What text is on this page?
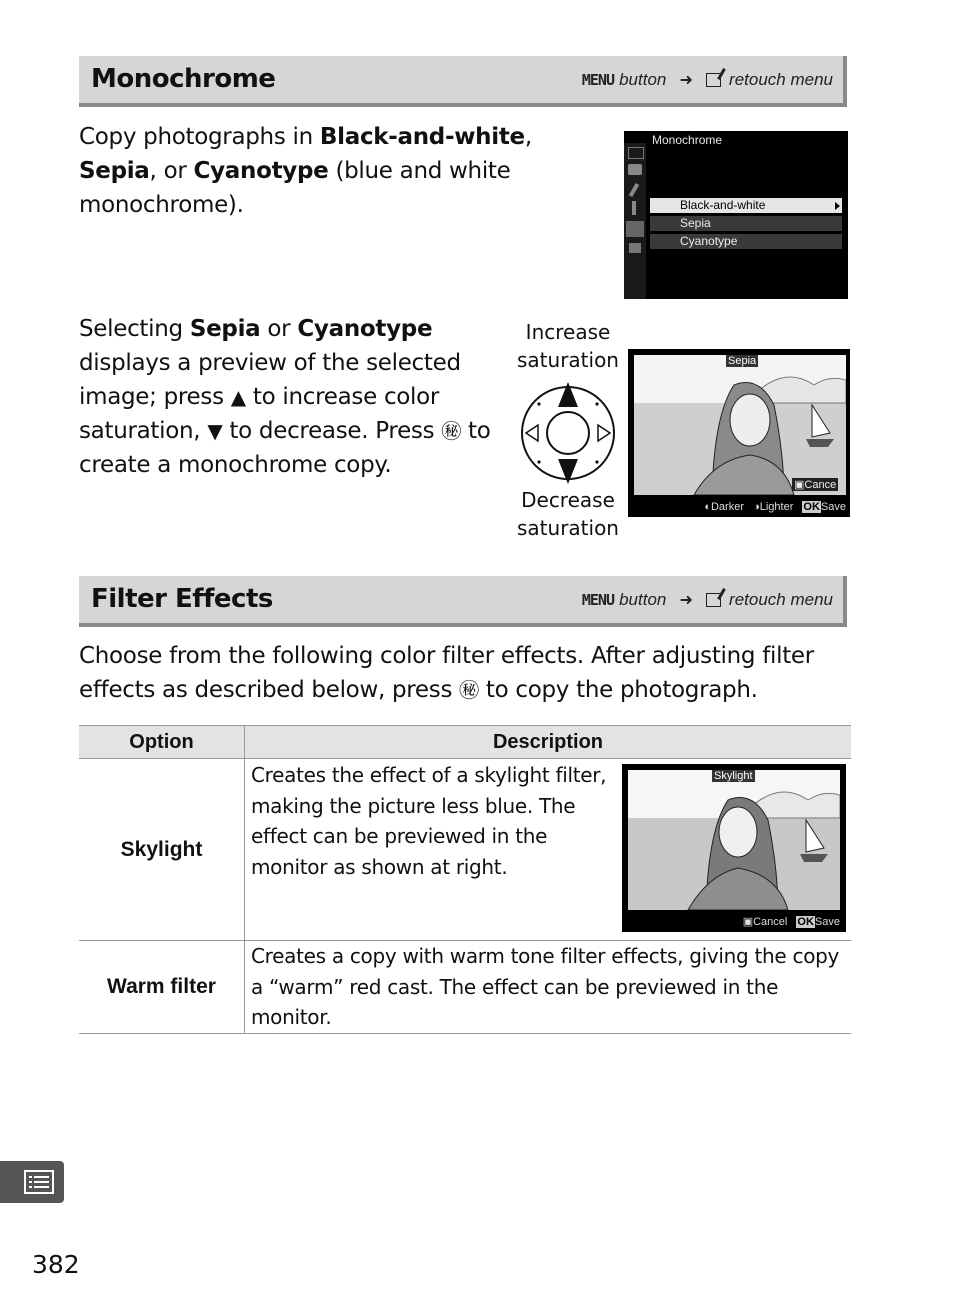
Monochrome	MENU button ➜ retouch menu
Copy photographs in Black-and-white,
Sepia, or Cyanotype (blue and white monochrome).
Monochrome
Black-and-white
Sepia
Cyanotype
Selecting Sepia or Cyanotype displays a preview of the selected image; press ▲ to increase color saturation, ▼ to decrease. Press ㊙ to create a monochrome copy.
Increase saturation
Decrease saturation
Sepia
▣Cance
◐Darker ◑Lighter OKSave
Filter Effects	MENU button ➜ retouch menu
Choose from the following color filter effects. After adjusting filter effects as described below, press ㊙ to copy the photograph.
Option	Description
Skylight	Creates the effect of a skylight filter, making the picture less blue. The effect can be previewed in the monitor as shown at right.
Skylight
▣Cancel OKSave

Warm filter	Creates a copy with warm tone filter effects, giving the copy a “warm” red cast. The effect can be previewed in the monitor.
382
